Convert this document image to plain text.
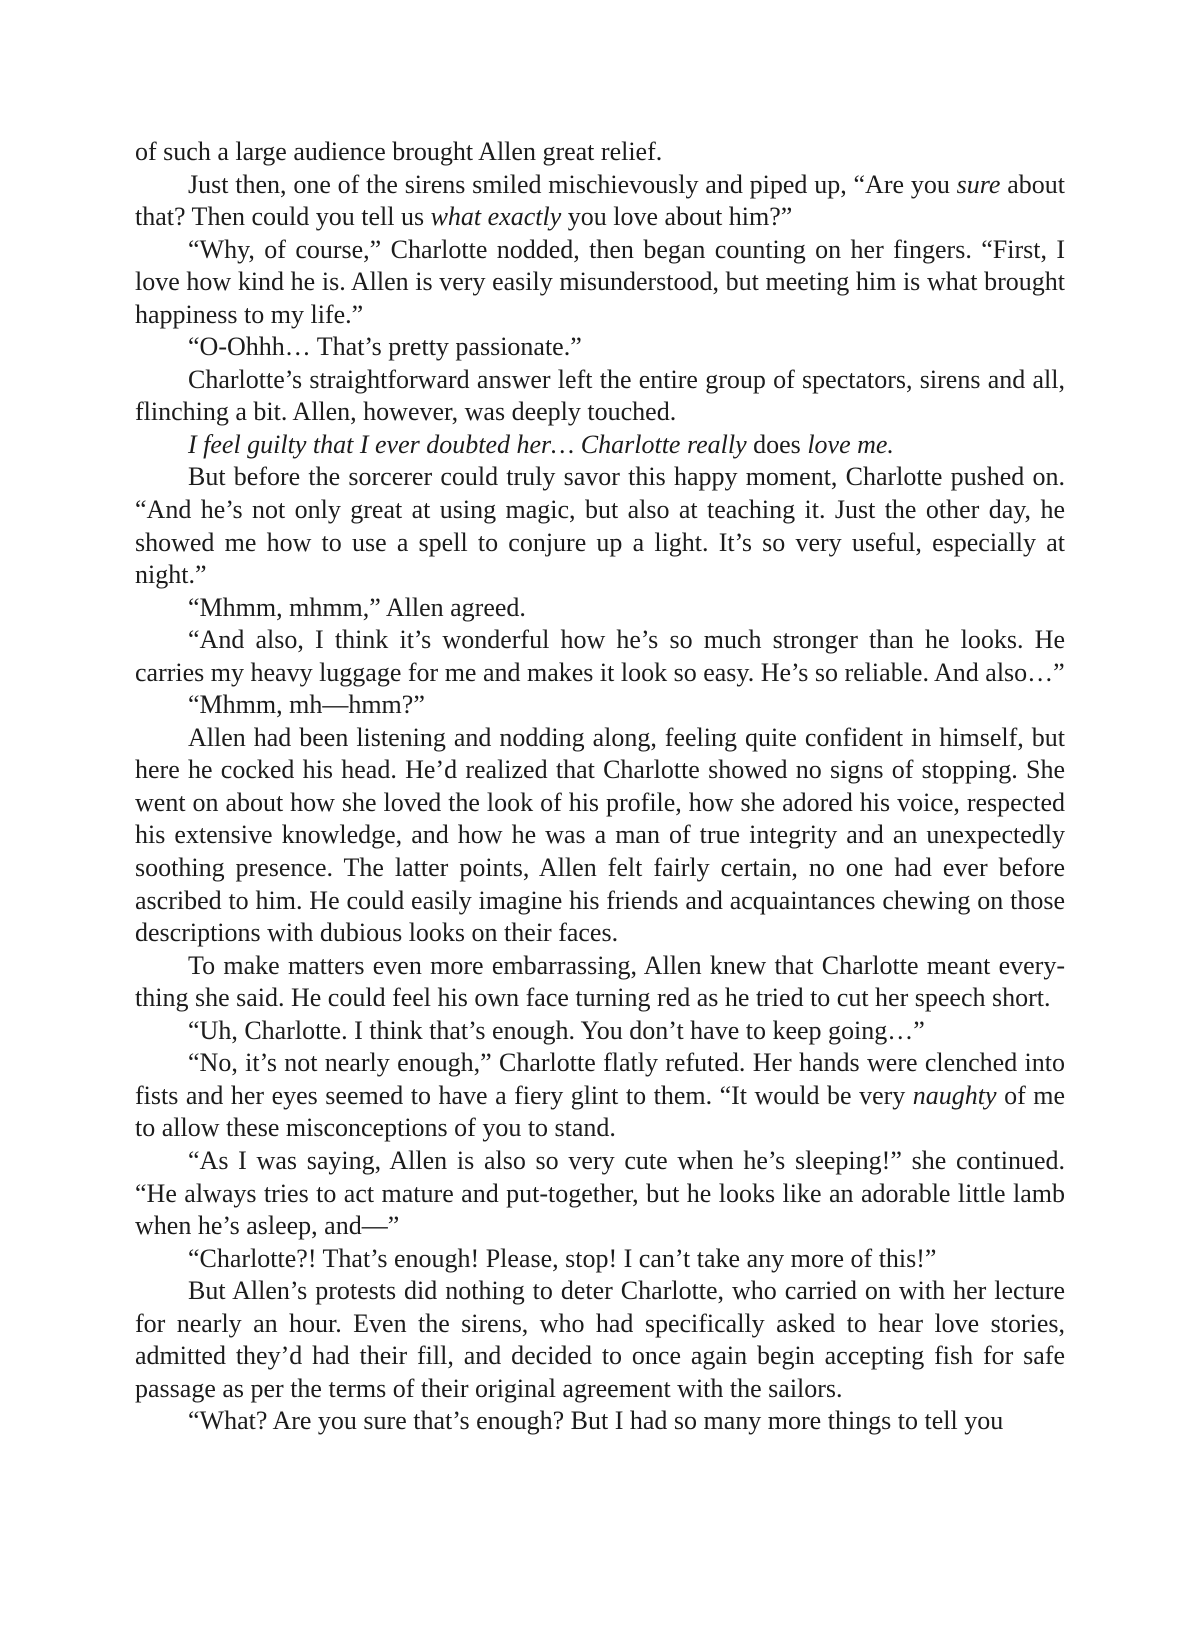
of such a large audience brought Allen great relief.

Just then, one of the sirens smiled mischievously and piped up, “Are you sure about that? Then could you tell us what exactly you love about him?”

“Why, of course,” Charlotte nodded, then began counting on her fingers. “First, I love how kind he is. Allen is very easily misunderstood, but meeting him is what brought happiness to my life.”

“O-Ohhh… That’s pretty passionate.”

Charlotte’s straightforward answer left the entire group of spectators, sirens and all, flinching a bit. Allen, however, was deeply touched.

I feel guilty that I ever doubted her… Charlotte really does love me.

But before the sorcerer could truly savor this happy moment, Charlotte pushed on. “And he’s not only great at using magic, but also at teaching it. Just the other day, he showed me how to use a spell to conjure up a light. It’s so very useful, especially at night.”

“Mhmm, mhmm,” Allen agreed.

“And also, I think it’s wonderful how he’s so much stronger than he looks. He carries my heavy luggage for me and makes it look so easy. He’s so reliable. And also…”

“Mhmm, mh—hmm?”

Allen had been listening and nodding along, feeling quite confident in himself, but here he cocked his head. He’d realized that Charlotte showed no signs of stopping. She went on about how she loved the look of his profile, how she adored his voice, respected his extensive knowledge, and how he was a man of true integrity and an unexpectedly soothing presence. The latter points, Allen felt fairly certain, no one had ever before ascribed to him. He could easily imagine his friends and acquaintances chewing on those descriptions with dubious looks on their faces.

To make matters even more embarrassing, Allen knew that Charlotte meant everything she said. He could feel his own face turning red as he tried to cut her speech short.

“Uh, Charlotte. I think that’s enough. You don’t have to keep going…”

“No, it’s not nearly enough,” Charlotte flatly refuted. Her hands were clenched into fists and her eyes seemed to have a fiery glint to them. “It would be very naughty of me to allow these misconceptions of you to stand.

“As I was saying, Allen is also so very cute when he’s sleeping!” she continued. “He always tries to act mature and put-together, but he looks like an adorable little lamb when he’s asleep, and—”

“Charlotte?! That’s enough! Please, stop! I can’t take any more of this!”

But Allen’s protests did nothing to deter Charlotte, who carried on with her lecture for nearly an hour. Even the sirens, who had specifically asked to hear love stories, admitted they’d had their fill, and decided to once again begin accepting fish for safe passage as per the terms of their original agreement with the sailors.

“What? Are you sure that’s enough? But I had so many more things to tell you
